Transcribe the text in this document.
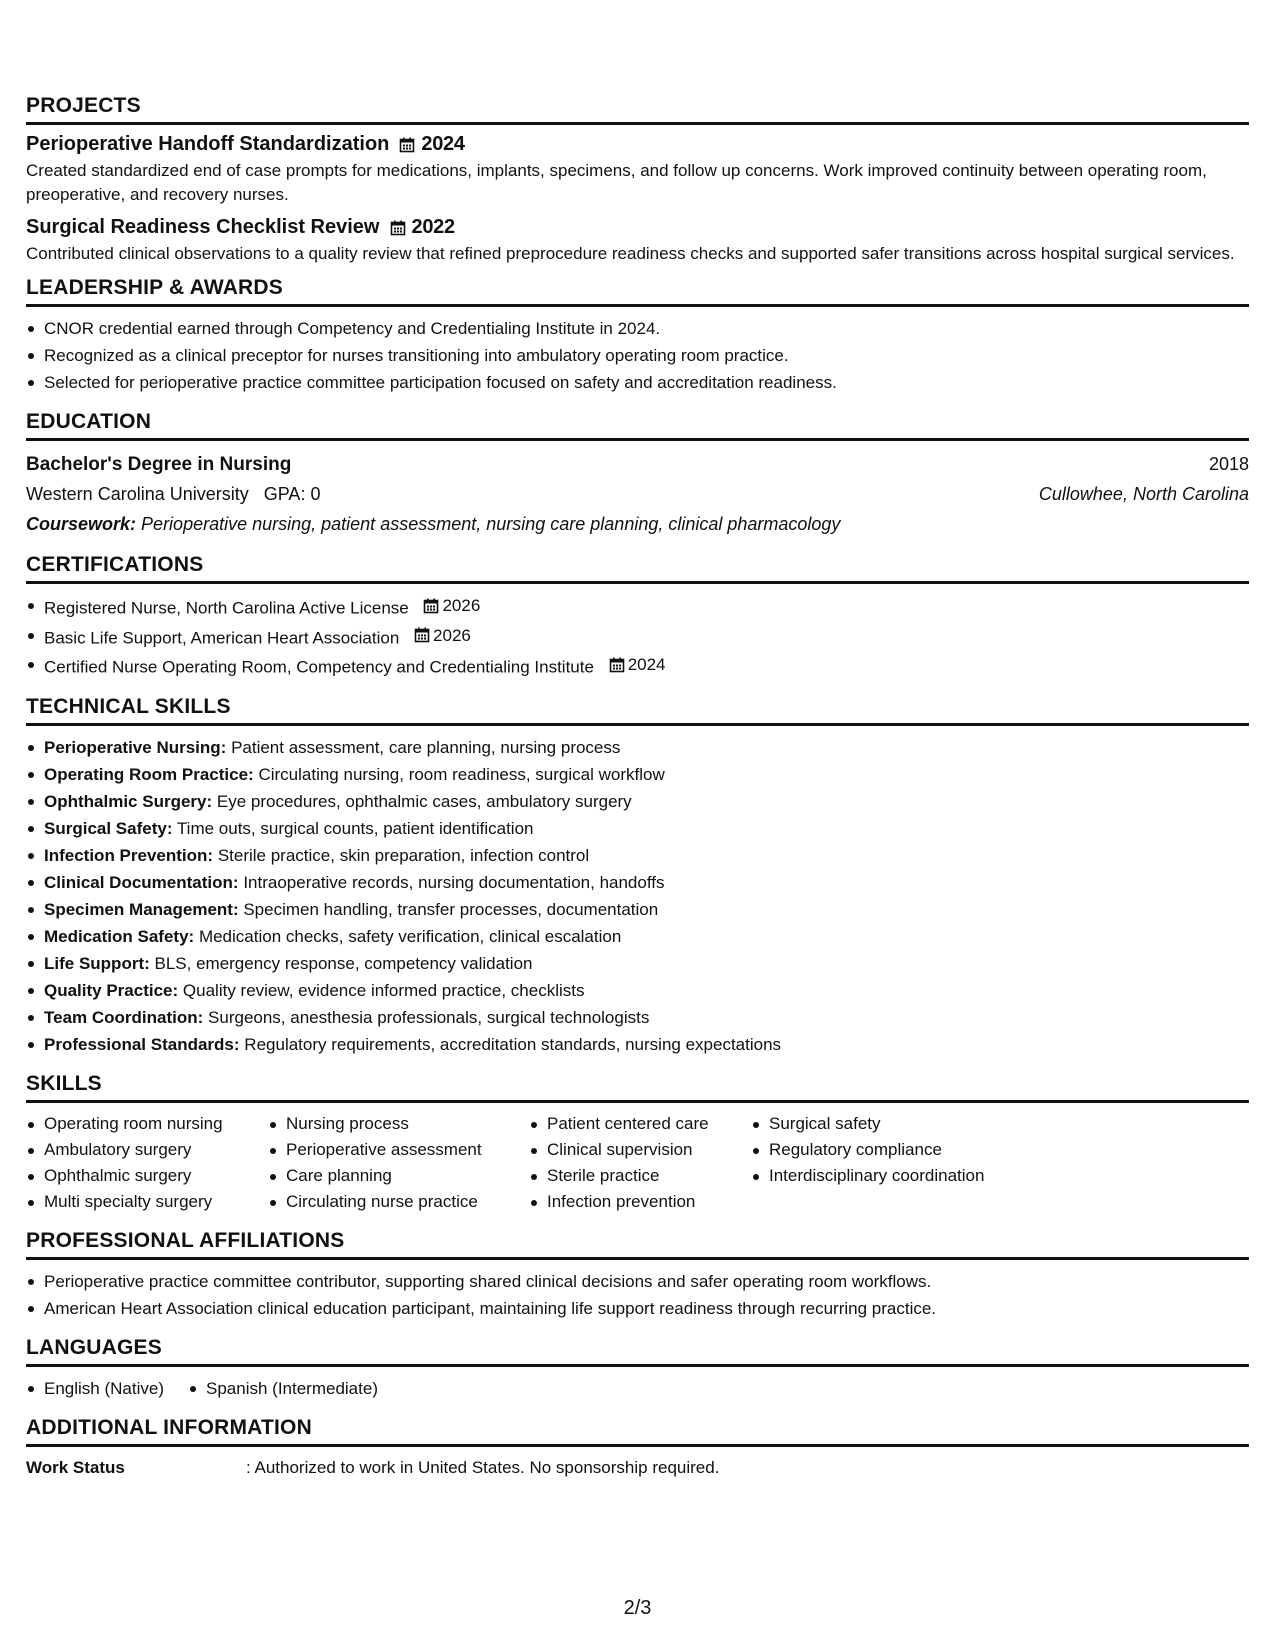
PROJECTS
Perioperative Handoff Standardization 2024
Created standardized end of case prompts for medications, implants, specimens, and follow up concerns. Work improved continuity between operating room, preoperative, and recovery nurses.
Surgical Readiness Checklist Review 2022
Contributed clinical observations to a quality review that refined preprocedure readiness checks and supported safer transitions across hospital surgical services.
LEADERSHIP & AWARDS
CNOR credential earned through Competency and Credentialing Institute in 2024.
Recognized as a clinical preceptor for nurses transitioning into ambulatory operating room practice.
Selected for perioperative practice committee participation focused on safety and accreditation readiness.
EDUCATION
Bachelor's Degree in Nursing	2018
Western Carolina University GPA: 0	Cullowhee, North Carolina
Coursework: Perioperative nursing, patient assessment, nursing care planning, clinical pharmacology
CERTIFICATIONS
Registered Nurse, North Carolina Active License 2026
Basic Life Support, American Heart Association 2026
Certified Nurse Operating Room, Competency and Credentialing Institute 2024
TECHNICAL SKILLS
Perioperative Nursing: Patient assessment, care planning, nursing process
Operating Room Practice: Circulating nursing, room readiness, surgical workflow
Ophthalmic Surgery: Eye procedures, ophthalmic cases, ambulatory surgery
Surgical Safety: Time outs, surgical counts, patient identification
Infection Prevention: Sterile practice, skin preparation, infection control
Clinical Documentation: Intraoperative records, nursing documentation, handoffs
Specimen Management: Specimen handling, transfer processes, documentation
Medication Safety: Medication checks, safety verification, clinical escalation
Life Support: BLS, emergency response, competency validation
Quality Practice: Quality review, evidence informed practice, checklists
Team Coordination: Surgeons, anesthesia professionals, surgical technologists
Professional Standards: Regulatory requirements, accreditation standards, nursing expectations
SKILLS
Operating room nursing
Ambulatory surgery
Ophthalmic surgery
Multi specialty surgery
Nursing process
Perioperative assessment
Care planning
Circulating nurse practice
Patient centered care
Clinical supervision
Sterile practice
Infection prevention
Surgical safety
Regulatory compliance
Interdisciplinary coordination
PROFESSIONAL AFFILIATIONS
Perioperative practice committee contributor, supporting shared clinical decisions and safer operating room workflows.
American Heart Association clinical education participant, maintaining life support readiness through recurring practice.
LANGUAGES
English (Native)	Spanish (Intermediate)
ADDITIONAL INFORMATION
Work Status	: Authorized to work in United States. No sponsorship required.
2/3
